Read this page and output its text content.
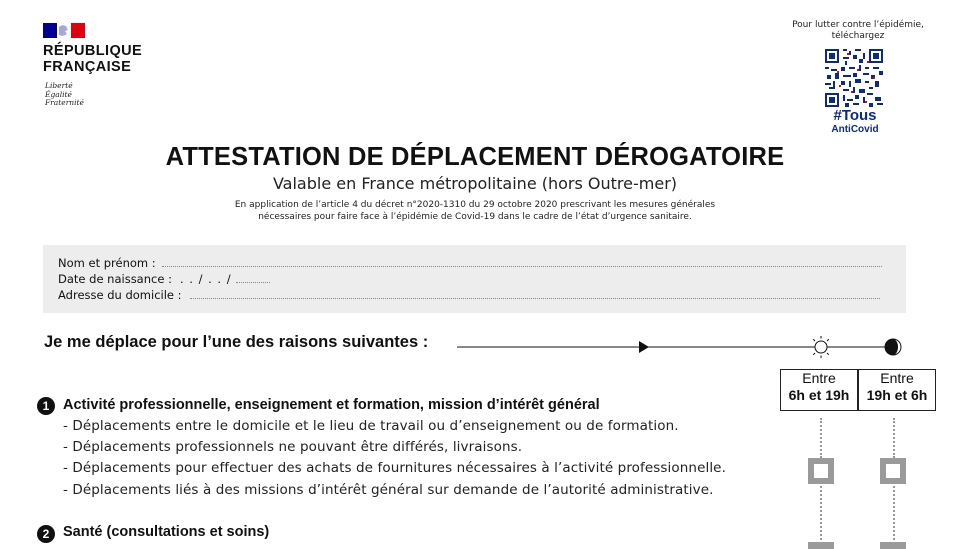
RÉPUBLIQUE
FRANÇAISE
Liberté
Égalité
Fraternité
Pour lutter contre l’épidémie,
téléchargez
#Tous
AntiCovid
ATTESTATION DE DÉPLACEMENT DÉROGATOIRE
Valable en France métropolitaine (hors Outre-mer)
En application de l’article 4 du décret n°2020-1310 du 29 octobre 2020 prescrivant les mesures générales
nécessaires pour faire face à l’épidémie de Covid-19 dans le cadre de l’état d’urgence sanitaire.
Nom et prénom :
Date de naissance : . . / . . /
Adresse du domicile :
Je me déplace pour l’une des raisons suivantes :
Entre
6h et 19h
Entre
19h et 6h
1 Activité professionnelle, enseignement et formation, mission d’intérêt général
- Déplacements entre le domicile et le lieu de travail ou d’enseignement ou de formation.
- Déplacements professionnels ne pouvant être différés, livraisons.
- Déplacements pour effectuer des achats de fournitures nécessaires à l’activité professionnelle.
- Déplacements liés à des missions d’intérêt général sur demande de l’autorité administrative.
2 Santé (consultations et soins)
